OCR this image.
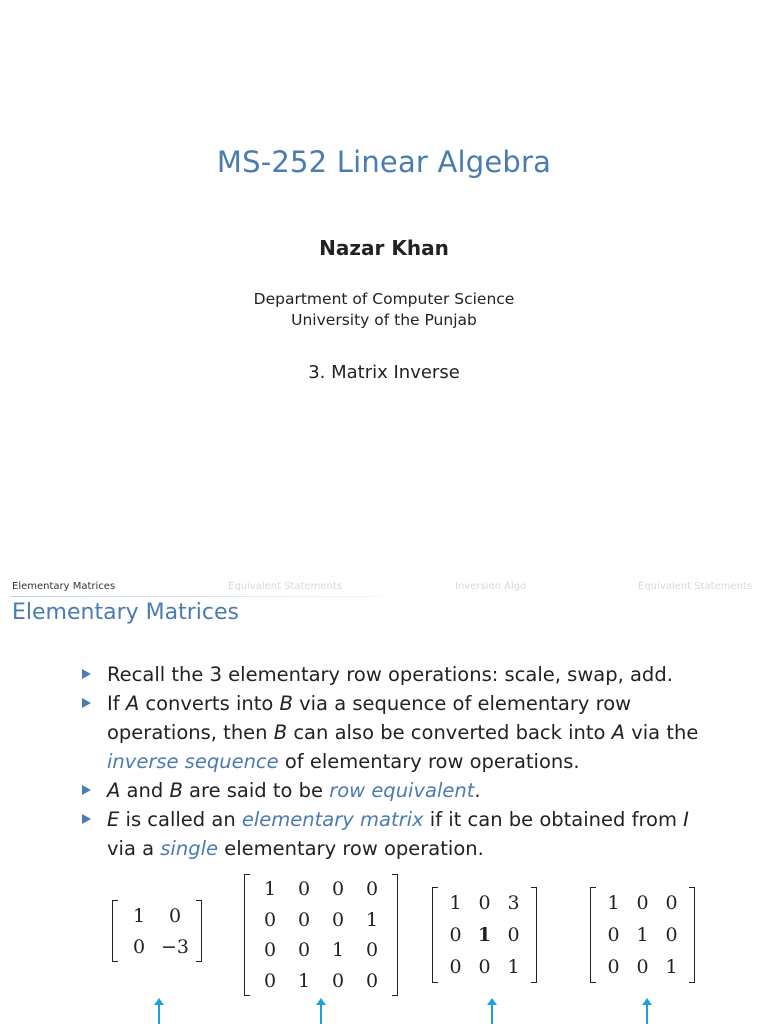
MS-252 Linear Algebra
Nazar Khan
Department of Computer Science
University of the Punjab
3. Matrix Inverse
Elementary Matrices	Equivalent Statements	Inversion Algo	Equivalent Statements
Elementary Matrices
Recall the 3 elementary row operations: scale, swap, add.
If A converts into B via a sequence of elementary row operations, then B can also be converted back into A via the inverse sequence of elementary row operations.
A and B are said to be row equivalent.
E is called an elementary matrix if it can be obtained from I via a single elementary row operation.
1	0
0	−3
1	0	0	0
0	0	0	1
0	0	1	0
0	1	0	0
1	0	3
0	1	0
0	0	1
1	0	0
0	1	0
0	0	1
